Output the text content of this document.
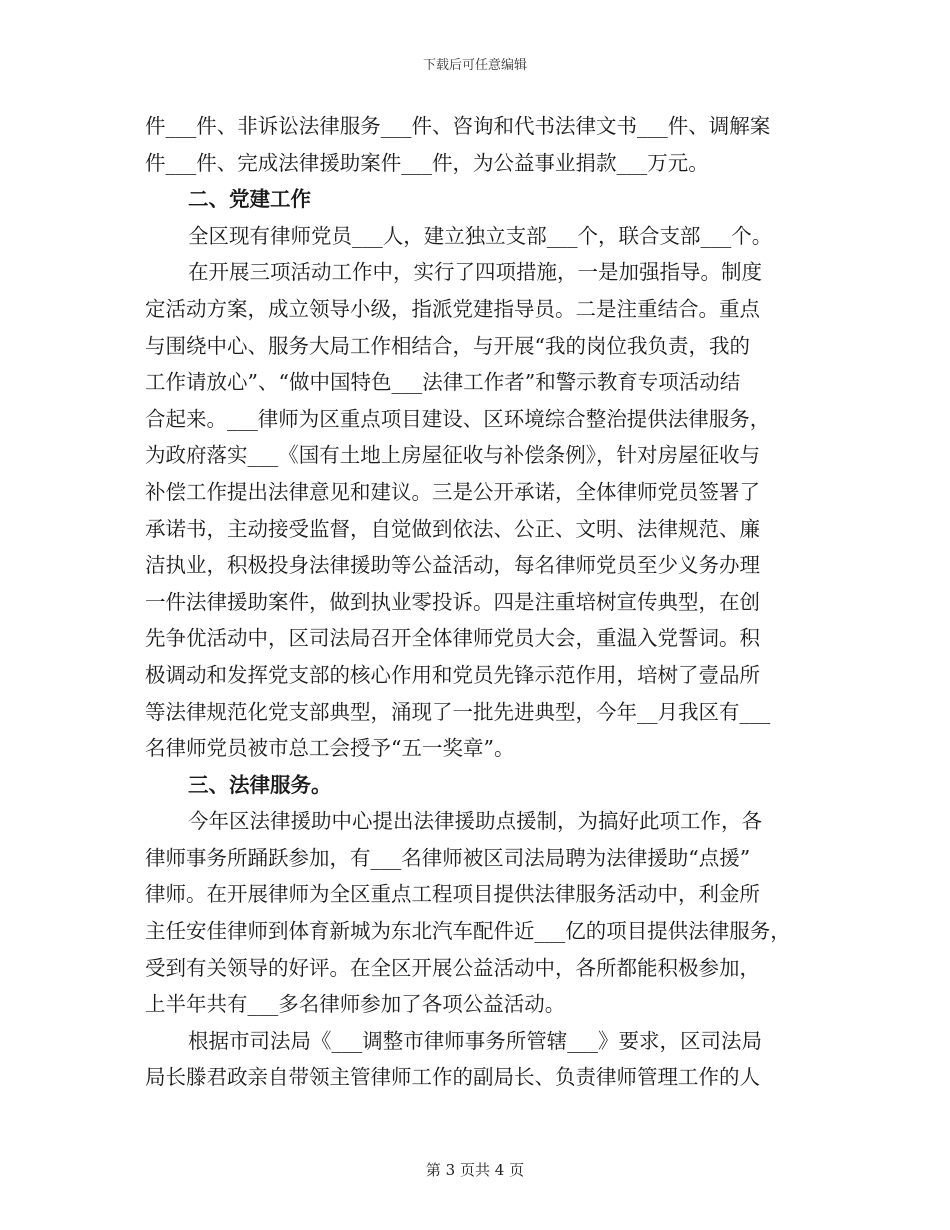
下载后可任意编辑
件___件、非诉讼法律服务___件、咨询和代书法律文书___件、调解案
件___件、完成法律援助案件___件，为公益事业捐款___万元。
二、党建工作
全区现有律师党员___人，建立独立支部___个，联合支部___个。
在开展三项活动工作中，实行了四项措施，一是加强指导。制度
定活动方案，成立领导小级，指派党建指导员。二是注重结合。重点
与围绕中心、服务大局工作相结合，与开展“我的岗位我负责，我的
工作请放心”、“做中国特色___法律工作者”和警示教育专项活动结
合起来。___律师为区重点项目建设、区环境综合整治提供法律服务，
为政府落实___《国有土地上房屋征收与补偿条例》，针对房屋征收与
补偿工作提出法律意见和建议。三是公开承诺，全体律师党员签署了
承诺书，主动接受监督，自觉做到依法、公正、文明、法律规范、廉
洁执业，积极投身法律援助等公益活动，每名律师党员至少义务办理
一件法律援助案件，做到执业零投诉。四是注重培树宣传典型，在创
先争优活动中，区司法局召开全体律师党员大会，重温入党誓词。积
极调动和发挥党支部的核心作用和党员先锋示范作用，培树了壹品所
等法律规范化党支部典型，涌现了一批先进典型，今年__月我区有___
名律师党员被市总工会授予“五一奖章”。
三、法律服务。
今年区法律援助中心提出法律援助点援制，为搞好此项工作，各
律师事务所踊跃参加，有___名律师被区司法局聘为法律援助“点援”
律师。在开展律师为全区重点工程项目提供法律服务活动中，利金所
主任安佳律师到体育新城为东北汽车配件近___亿的项目提供法律服务，
受到有关领导的好评。在全区开展公益活动中，各所都能积极参加，
上半年共有___多名律师参加了各项公益活动。
根据市司法局《___调整市律师事务所管辖___》要求，区司法局
局长滕君政亲自带领主管律师工作的副局长、负责律师管理工作的人
第 3 页共 4 页
